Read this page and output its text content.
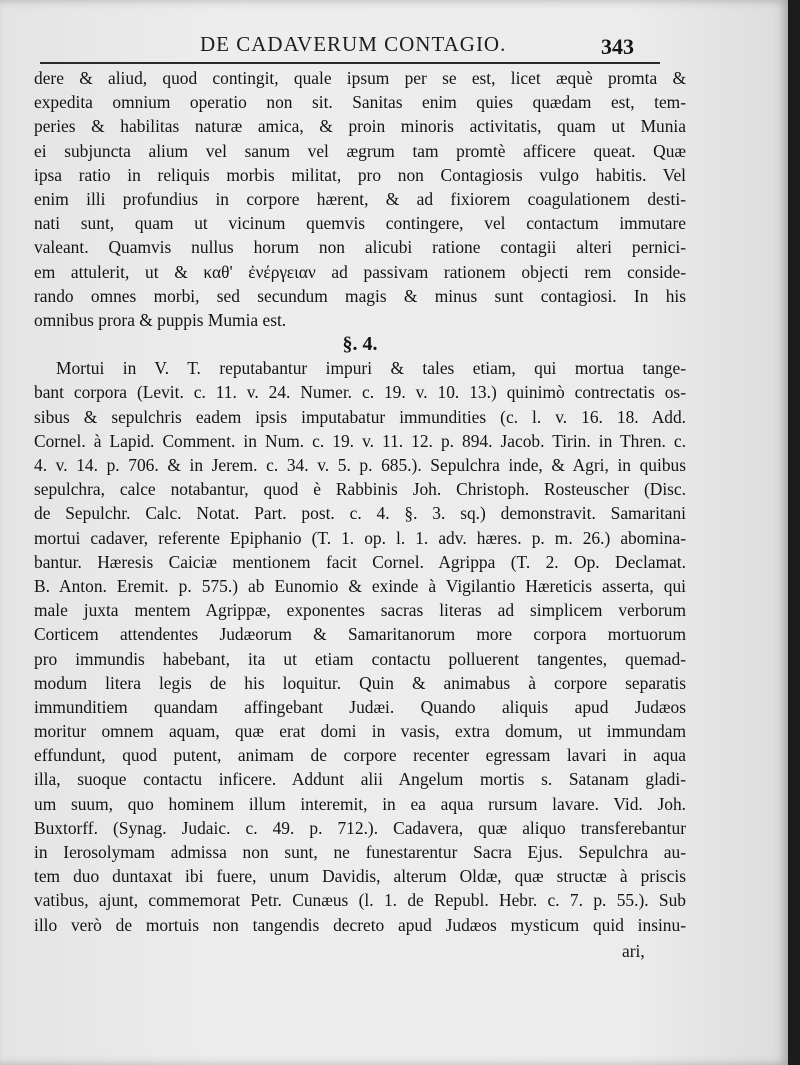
DE CADAVERUM CONTAGIO.	343
dere & aliud, quod contingit, quale ipsum per se est, licet æquè promta &
expedita omnium operatio non sit. Sanitas enim quies quædam est, tem-
peries & habilitas naturæ amica, & proin minoris activitatis, quam ut Munia
ei subjuncta alium vel sanum vel ægrum tam promtè afficere queat. Quæ
ipsa ratio in reliquis morbis militat, pro non Contagiosis vulgo habitis. Vel
enim illi profundius in corpore hærent, & ad fixiorem coagulationem desti-
nati sunt, quam ut vicinum quemvis contingere, vel contactum immutare
valeant. Quamvis nullus horum non alicubi ratione contagii alteri pernici-
em attulerit, ut & καθ' ἐνέργειαν ad passivam rationem objecti rem conside-
rando omnes morbi, sed secundum magis & minus sunt contagiosi. In his
omnibus prora & puppis Mumia est.
§. 4.
Mortui in V. T. reputabantur impuri & tales etiam, qui mortua tange-
bant corpora (Levit. c. 11. v. 24. Numer. c. 19. v. 10. 13.) quinimò contrectatis os-
sibus & sepulchris eadem ipsis imputabatur immundities (c. l. v. 16. 18. Add.
Cornel. à Lapid. Comment. in Num. c. 19. v. 11. 12. p. 894. Jacob. Tirin. in Thren. c.
4. v. 14. p. 706. & in Jerem. c. 34. v. 5. p. 685.). Sepulchra inde, & Agri, in quibus
sepulchra, calce notabantur, quod è Rabbinis Joh. Christoph. Rosteuscher (Disc.
de Sepulchr. Calc. Notat. Part. post. c. 4. §. 3. sq.) demonstravit. Samaritani
mortui cadaver, referente Epiphanio (T. 1. op. l. 1. adv. hæres. p. m. 26.) abomina-
bantur. Hæresis Caiciæ mentionem facit Cornel. Agrippa (T. 2. Op. Declamat.
B. Anton. Eremit. p. 575.) ab Eunomio & exinde à Vigilantio Hæreticis asserta, qui
male juxta mentem Agrippæ, exponentes sacras literas ad simplicem verborum
Corticem attendentes Judæorum & Samaritanorum more corpora mortuorum
pro immundis habebant, ita ut etiam contactu polluerent tangentes, quemad-
modum litera legis de his loquitur. Quin & animabus à corpore separatis
immunditiem quandam affingebant Judæi. Quando aliquis apud Judæos
moritur omnem aquam, quæ erat domi in vasis, extra domum, ut immundam
effundunt, quod putent, animam de corpore recenter egressam lavari in aqua
illa, suoque contactu inficere. Addunt alii Angelum mortis s. Satanam gladi-
um suum, quo hominem illum interemit, in ea aqua rursum lavare. Vid. Joh.
Buxtorff. (Synag. Judaic. c. 49. p. 712.). Cadavera, quæ aliquo transferebantur
in Ierosolymam admissa non sunt, ne funestarentur Sacra Ejus. Sepulchra au-
tem duo duntaxat ibi fuere, unum Davidis, alterum Oldæ, quæ structæ à priscis
vatibus, ajunt, commemorat Petr. Cunæus (l. 1. de Republ. Hebr. c. 7. p. 55.). Sub
illo verò de mortuis non tangendis decreto apud Judæos mysticum quid insinu-
ari,
